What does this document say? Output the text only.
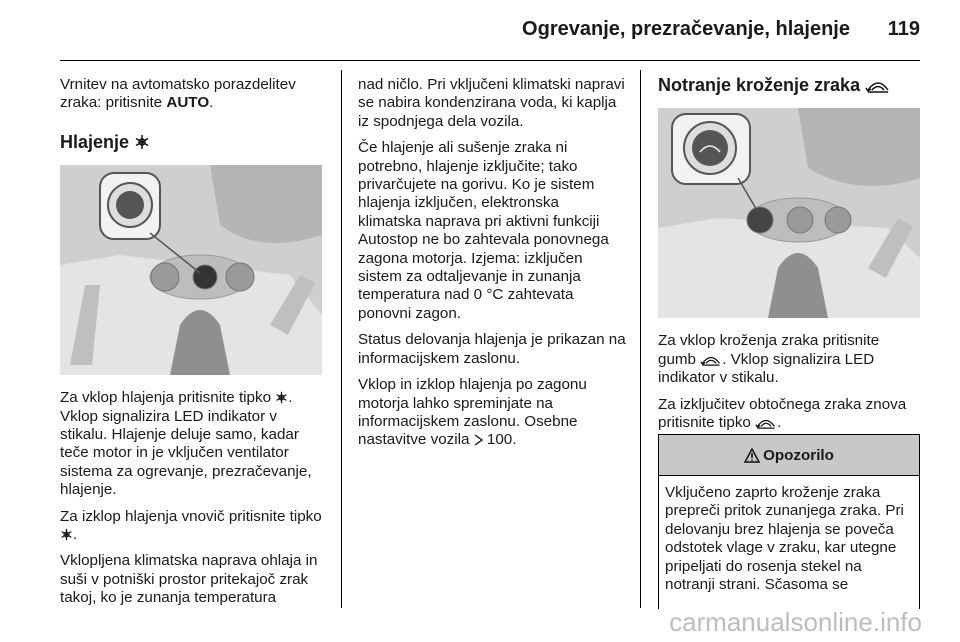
Ogrevanje, prezračevanje, hlajenje 119

Vrnitev na avtomatsko porazdelitev zraka: pritisnite AUTO.

Hlajenje

Za vklop hlajenja pritisnite tipko . Vklop signalizira LED indikator v stikalu. Hlajenje deluje samo, kadar teče motor in je vključen ventilator sistema za ogrevanje, prezračevanje, hlajenje.

Za izklop hlajenja vnovič pritisnite tipko .

Vklopljena klimatska naprava ohlaja in suši v potniški prostor pritekajoč zrak takoj, ko je zunanja temperatura

nad ničlo. Pri vključeni klimatski napravi se nabira kondenzirana voda, ki kaplja iz spodnjega dela vozila.

Če hlajenje ali sušenje zraka ni potrebno, hlajenje izključite; tako privarčujete na gorivu. Ko je sistem hlajenja izključen, elektronska klimatska naprava pri aktivni funkciji Autostop ne bo zahtevala ponovnega zagona motorja. Izjema: izključen sistem za odtaljevanje in zunanja temperatura nad 0 °C zahtevata ponovni zagon.

Status delovanja hlajenja je prikazan na informacijskem zaslonu.

Vklop in izklop hlajenja po zagonu motorja lahko spreminjate na informacijskem zaslonu. Osebne nastavitve vozila 100.

Notranje kroženje zraka

Za vklop kroženja zraka pritisnite gumb . Vklop signalizira LED indikator v stikalu.

Za izključitev obtočnega zraka znova pritisnite tipko .

Opozorilo
Vključeno zaprto kroženje zraka prepreči pritok zunanjega zraka. Pri delovanju brez hlajenja se poveča odstotek vlage v zraku, kar utegne pripeljati do rosenja stekel na notranji strani. Sčasoma se
carmanualsonline.info
